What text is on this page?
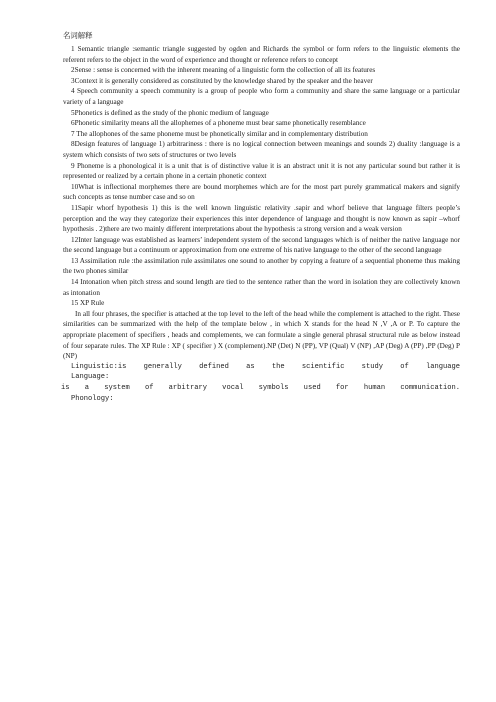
名词解释

1 Semantic triangle :semantic triangle suggested by ogden and Richards the symbol or form refers to the linguistic elements the referent refers to the object in the word of experience and thought or reference refers to concept

2Sense : sense is concerned with the inherent meaning of a linguistic form the collection of all its features

3Context it is generally considered as constituted by the knowledge shared by the speaker and the heaver

4 Speech community a speech community is a group of people who form a community and share the same language or a particular variety of a language

5Phonetics is defined as the study of the phonic medium of language

6Phonetic similarity means all the allophemes of a phoneme must bear same phonetically resemblance

7 The allophones of the same phoneme must be phonetically similar and in complementary distribution

8Design features of language 1) arbitrariness : there is no logical connection between meanings and sounds 2) duality :language is a system which consists of two sets of structures or two levels

9 Phoneme is a phonological it is a unit that is of distinctive value it is an abstract unit it is not any particular sound but rather it is represented or realized by a certain phone in a certain phonetic context

10What is inflectional morphemes there are bound morphemes which are for the most part purely grammatical makers and signify such concepts as tense number case and so on

11Sapir whorf hypothesis 1) this is the well known linguistic relativity .sapir and whorf believe that language filters people’s perception and the way they categorize their experiences this inter dependence of language and thought is now known as sapir –whorf hypothesis . 2)there are two mainly different interpretations about the hypothesis :a strong version and a weak version

12Inter language was established as learners’ independent system of the second languages which is of neither the native language nor the second language but a continuum or approximation from one extreme of his native language to the other of the second language

13 Assimilation rule :the assimilation rule assimilates one sound to another by copying a feature of a sequential phoneme thus making the two phones similar

14 Intonation when pitch stress and sound length are tied to the sentence rather than the word in isolation they are collectively known as intonation

15 XP Rule

In all four phrases, the specifier is attached at the top level to the left of the head while the complement is attached to the right. These similarities can be summarized with the help of the template below , in which X stands for the head N ,V ,A or P. To capture the appropriate placement of specifiers , heads and complements, we can formulate a single general phrasal structural rule as below instead of four separate rules. The XP Rule : XP ( specifier ) X (complement).NP (Det) N (PP), VP (Qual) V (NP) ,AP (Deg) A (PP) ,PP (Deg) P (NP)

Linguistic:is generally defined as the scientific study of language

Language:

is a system of arbitrary vocal symbols used for human communication.

Phonology:
